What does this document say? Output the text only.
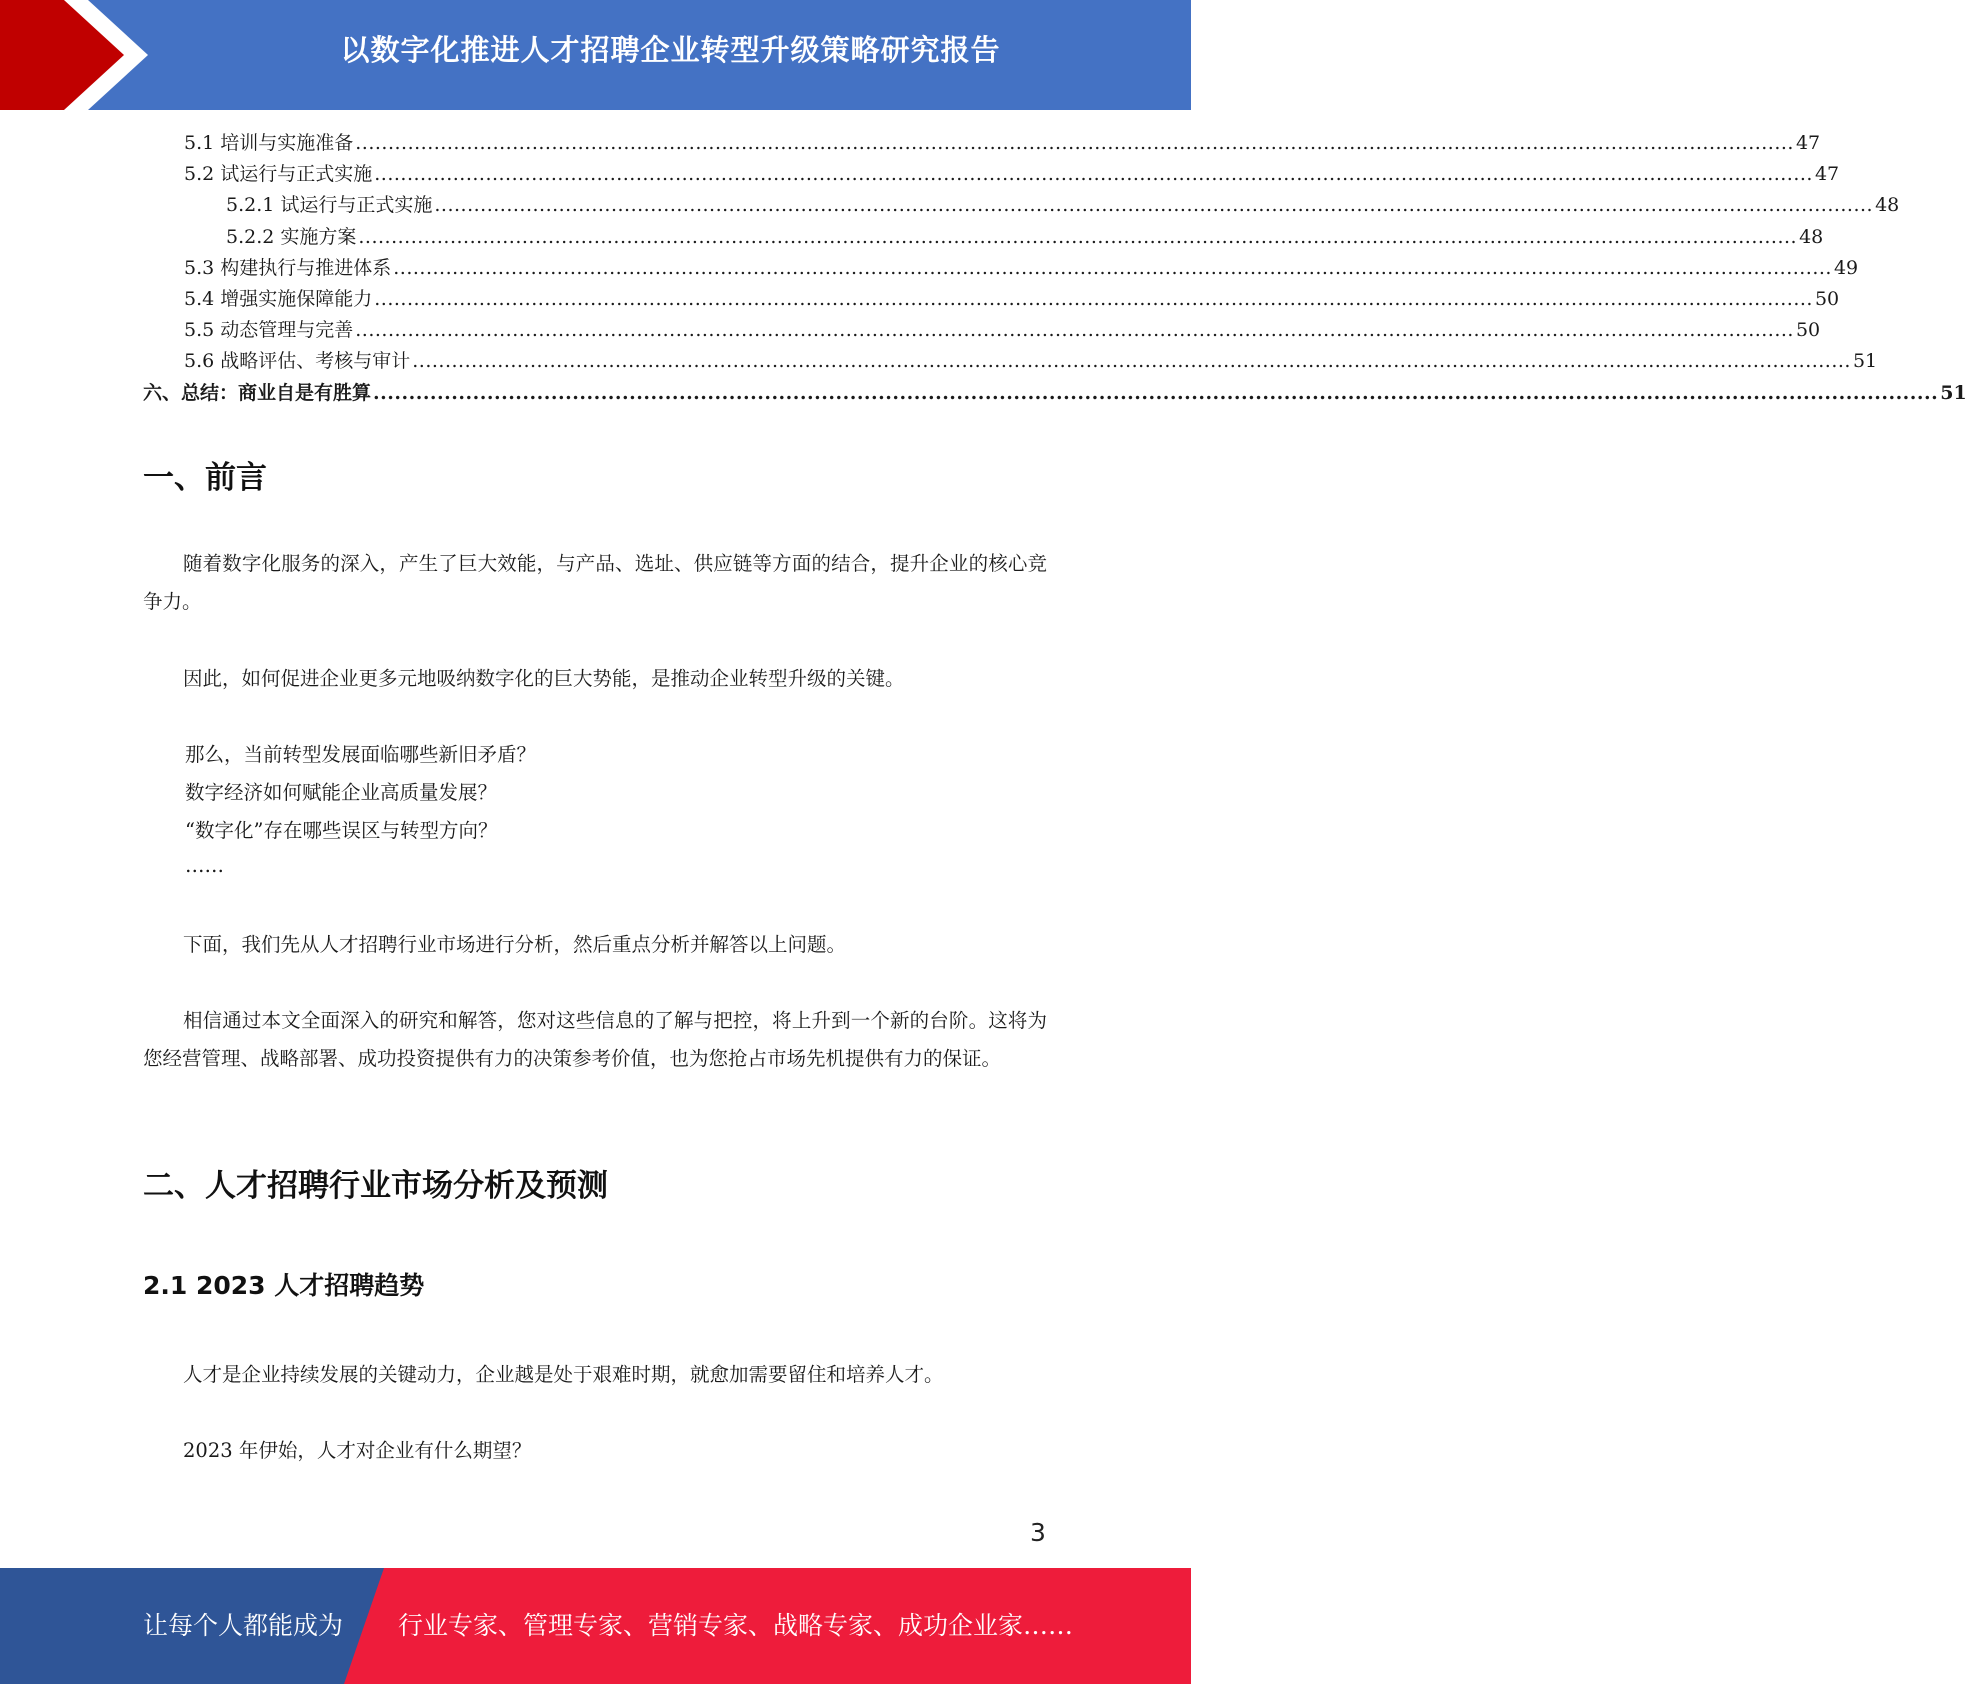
以数字化推进人才招聘企业转型升级策略研究报告
5.1 培训与实施准备 ............................................................................................................................................................................................................................ 47
5.2 试运行与正式实施 ............................................................................................................................................................................................................................ 47
5.2.1 试运行与正式实施 ............................................................................................................................................................................................................................ 48
5.2.2 实施方案 ............................................................................................................................................................................................................................ 48
5.3 构建执行与推进体系 ............................................................................................................................................................................................................................ 49
5.4 增强实施保障能力 ............................................................................................................................................................................................................................ 50
5.5 动态管理与完善 ............................................................................................................................................................................................................................ 50
5.6 战略评估、考核与审计 ............................................................................................................................................................................................................................ 51
六、总结：商业自是有胜算 ............................................................................................................................................................................................................................ 51
一、前言

随着数字化服务的深入，产生了巨大效能，与产品、选址、供应链等方面的结合，提升企业的核心竞争力。

因此，如何促进企业更多元地吸纳数字化的巨大势能，是推动企业转型升级的关键。

那么，当前转型发展面临哪些新旧矛盾？

数字经济如何赋能企业高质量发展？

“数字化”存在哪些误区与转型方向？

……

下面，我们先从人才招聘行业市场进行分析，然后重点分析并解答以上问题。

相信通过本文全面深入的研究和解答，您对这些信息的了解与把控，将上升到一个新的台阶。这将为您经营管理、战略部署、成功投资提供有力的决策参考价值，也为您抢占市场先机提供有力的保证。

二、人才招聘行业市场分析及预测
2.1 2023 人才招聘趋势

人才是企业持续发展的关键动力，企业越是处于艰难时期，就愈加需要留住和培养人才。

2023 年伊始，人才对企业有什么期望？

3
让每个人都能成为 行业专家、管理专家、营销专家、战略专家、成功企业家……
